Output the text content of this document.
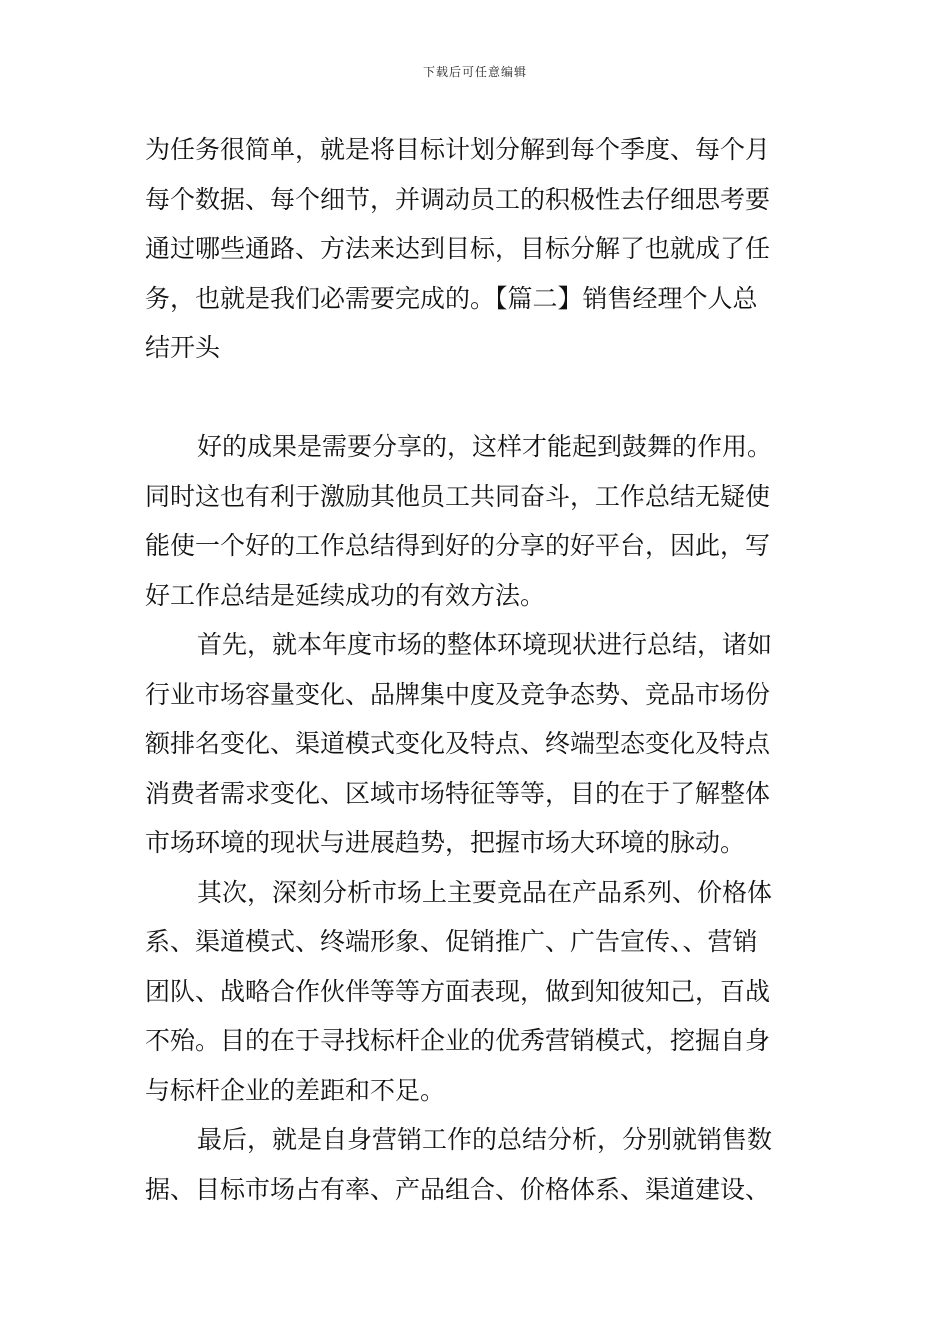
下载后可任意编辑
为任务很简单，就是将目标计划分解到每个季度、每个月
每个数据、每个细节，并调动员工的积极性去仔细思考要
通过哪些通路、方法来达到目标，目标分解了也就成了任
务，也就是我们必需要完成的。【篇二】销售经理个人总
结开头
好的成果是需要分享的，这样才能起到鼓舞的作用。
同时这也有利于激励其他员工共同奋斗，工作总结无疑使
能使一个好的工作总结得到好的分享的好平台，因此，写
好工作总结是延续成功的有效方法。
首先，就本年度市场的整体环境现状进行总结，诸如
行业市场容量变化、品牌集中度及竞争态势、竞品市场份
额排名变化、渠道模式变化及特点、终端型态变化及特点
消费者需求变化、区域市场特征等等，目的在于了解整体
市场环境的现状与进展趋势，把握市场大环境的脉动。
其次，深刻分析市场上主要竞品在产品系列、价格体
系、渠道模式、终端形象、促销推广、广告宣传、、营销
团队、战略合作伙伴等等方面表现，做到知彼知己，百战
不殆。目的在于寻找标杆企业的优秀营销模式，挖掘自身
与标杆企业的差距和不足。
最后，就是自身营销工作的总结分析，分别就销售数
据、目标市场占有率、产品组合、价格体系、渠道建设、
